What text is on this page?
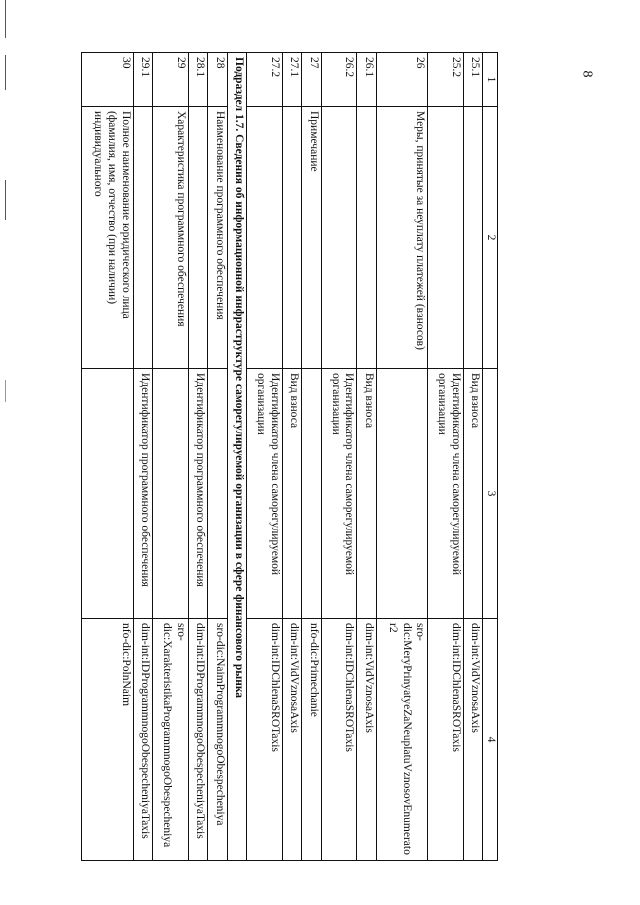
8
1	2	3	4
25.1		Вид взноса	dim-int:VidVznosaAxis
25.2		Идентификатор члена саморегулируемой организации	dim-int:IDChlenaSROTaxis
26	Меры, принятые за неуплату платежей (взносов)		sro-dic:MeryPrinyatyeZaNeuplatuVznosovEnumerator2
26.1		Вид взноса	dim-int:VidVznosaAxis
26.2		Идентификатор члена саморегулируемой организации	dim-int:IDChlenaSROTaxis
27	Примечание		nfo-dic:Primechanie
27.1		Вид взноса	dim-int:VidVznosaAxis
27.2		Идентификатор члена саморегулируемой организации	dim-int:IDChlenaSROTaxis
Подраздел 1.7. Сведения об информационной инфраструктуре саморегулируемой организации в сфере финансового рынка			
28	Наименование программного обеспечения		sro-dic:NaimProgrammnogoObespecheniya
28.1		Идентификатор программного обеспечения	dim-int:IDProgrammnogoObespecheniyaTaxis
29	Характеристика программного обеспечения		sro-dic:XarakteristikaProgrammnogoObespecheniya
29.1		Идентификатор программного обеспечения	dim-int:IDProgrammnogoObespecheniyaTaxis
30	Полное наименование юридического лица (фамилия, имя, отчество (при наличии) индивидуального		nfo-dic:PolnNaim
